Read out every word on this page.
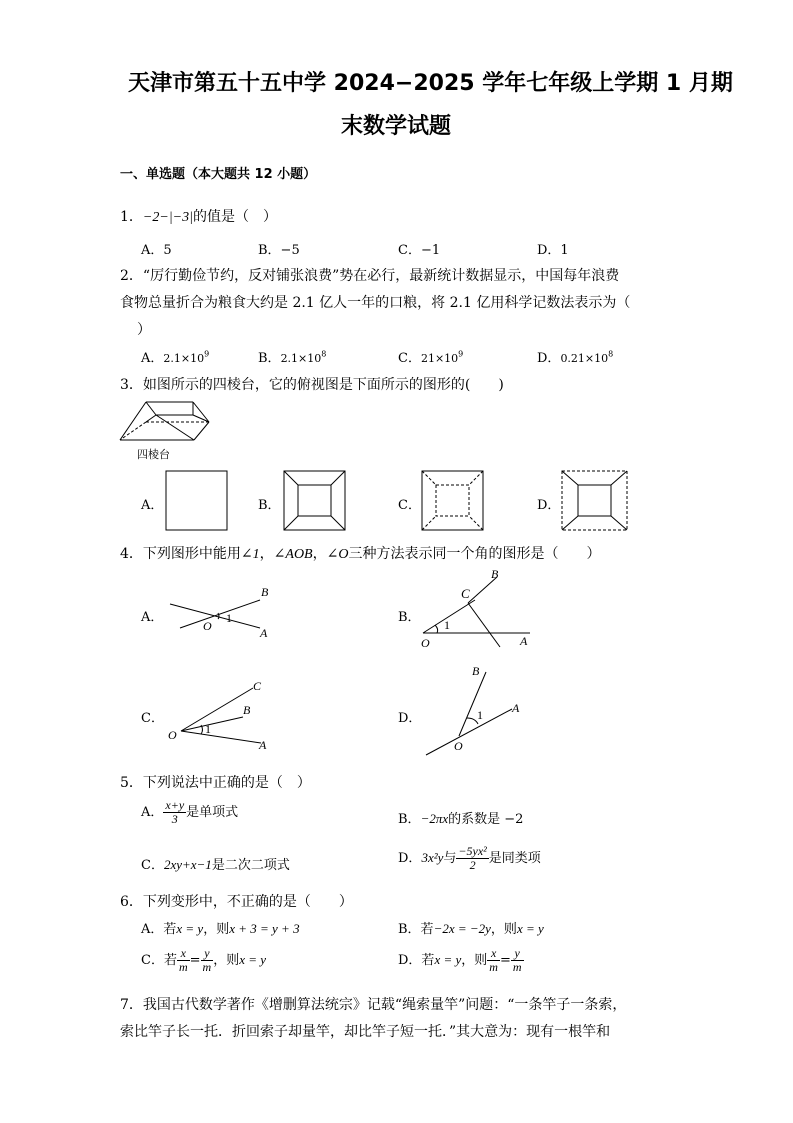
天津市第五十五中学 2024−2025 学年七年级上学期 1 月期
末数学试题
一、单选题（本大题共 12 小题）
1．−2−|−3|的值是（　）
A．5	B．−5	C．−1	D．1
2．“厉行勤俭节约，反对铺张浪费”势在必行，最新统计数据显示，中国每年浪费
食物总量折合为粮食大约是 2.1 亿人一年的口粮，将 2.1 亿用科学记数法表示为（
）
A．$2.1\times 10^9$	B．$2.1\times 10^8$	C．$21\times 10^9$	D．$0.21\times 10^8$
3．如图所示的四棱台，它的俯视图是下面所示的图形的(　　)
四棱台
A．	B．	C．	D．
4．下列图形中能用∠1，∠AOB，∠O三种方法表示同一个角的图形是（　　）
A．
B
A
O
1	B．
B
C
A
O
1
C．
C
B
A
O 1
D．
B
A
O
1
5．下列说法中正确的是（　）
A． $\frac{x+y}{3}$ 是单项式	B．−2πx的系数是 −2
C．2xy+x−1是二次二项式	D．3x²y与 $\frac{\text{−5yx²}}{2}$ 是同类项
6．下列变形中，不正确的是（　　）
A．若x = y，则x + 3 = y + 3	B．若−2x = −2y，则x = y
C．若 $\frac{x}{m} = \frac{y}{m}$ ，则x = y	D．若x = y，则 $\frac{x}{m} = \frac{y}{m}$
7．我国古代数学著作《增删算法统宗》记载“绳索量竿”问题：“一条竿子一条索，
索比竿子长一托．折回索子却量竿，却比竿子短一托．”其大意为：现有一根竿和
